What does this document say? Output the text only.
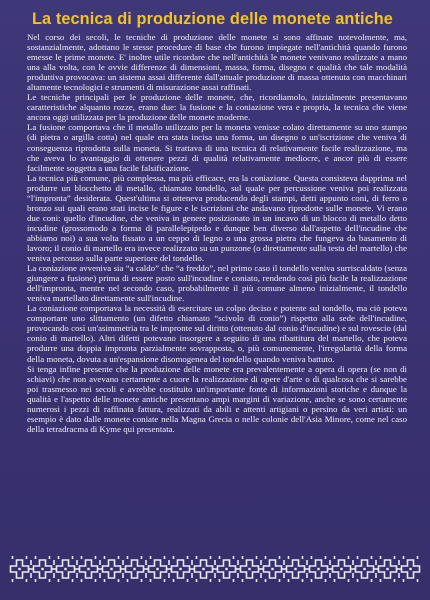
La tecnica di produzione delle monete antiche

Nel corso dei secoli, le tecniche di produzione delle monete si sono affinate notevolmente, ma, sostanzialmente, adottano le stesse procedure di base che furono impiegate nell'antichità quando furono emesse le prime monete. E' inoltre utile ricordare che nell'antichità le monete venivano realizzate a mano una alla volta, con le ovvie differenze di dimensioni, massa, forma, disegno e qualità che tale modalità produttiva provocava: un sistema assai differente dall'attuale produzione di massa ottenuta con macchinari altamente tecnologici e strumenti di misurazione assai raffinati.

Le tecniche principali per le produzione delle monete, che, ricordiamolo, inizialmente presentavano caratteristiche alquanto rozze, erano due: la fusione e la coniazione vera e propria, la tecnica che viene ancora oggi utilizzata per la produzione delle monete moderne.

La fusione comportava che il metallo utilizzato per la moneta venisse colato direttamente su uno stampo (di pietra o argilla cotta) nel quale era stata incisa una forma, un disegno o un'iscrizione che veniva di conseguenza riprodotta sulla moneta. Si trattava di una tecnica di relativamente facile realizzazione, ma che aveva lo svantaggio di ottenere pezzi di qualità relativamente mediocre, e ancor più di essere facilmente soggetta a una facile falsificazione.

La tecnica più comune, più complessa, ma più efficace, era la coniazione. Questa consisteva dapprima nel produrre un blocchetto di metallo, chiamato tondello, sul quale per percussione veniva poi realizzata “l'impronta” desiderata. Quest'ultima si otteneva producendo degli stampi, detti appunto coni, di ferro o bronzo sui quali erano stati incise le figure e le iscrizioni che andavano riprodotte sulle monete. Vi erano due coni: quello d'incudine, che veniva in genere posizionato in un incavo di un blocco di metallo detto incudine (grossomodo a forma di parallelepipedo e dunque ben diverso dall'aspetto dell'incudine che abbiamo noi) a sua volta fissato a un ceppo di legno o una grossa pietra che fungeva da basamento di lavoro; il conio di martello era invece realizzato su un punzone (o direttamente sulla testa del martello) che veniva percosso sulla parte superiore del tondello.

La coniazione avveniva sia “a caldo” che “a freddo”, nel primo caso il tondello veniva surriscaldato (senza giungere a fusione) prima di essere posto sull'incudine e coniato, rendendo così più facile la realizzazione dell'impronta, mentre nel secondo caso, probabilmente il più comune almeno inizialmente, il tondello veniva martellato direttamente sull'incudine.

La coniazione comportava la necessità di esercitare un colpo deciso e potente sul tondello, ma ciò poteva comportare uno slittamento (un difetto chiamato “scivolo di conio”) rispetto alla sede dell'incudine, provocando così un'asimmetria tra le impronte sul diritto (ottenuto dal conio d'incudine) e sul rovescio (dal conio di martello). Altri difetti potevano insorgere a seguito di una ribattitura del martello, che poteva produrre una doppia impronta parzialmente sovrapposta, o, più comunemente, l'irregolarità della forma della moneta, dovuta a un'espansione disomogenea del tondello quando veniva battuto.

Si tenga infine presente che la produzione delle monete era prevalentemente a opera di opera (se non di schiavi) che non avevano certamente a cuore la realizzazione di opere d'arte o di qualcosa che si sarebbe poi trasmesso nei secoli e avrebbe costituito un'importante fonte di informazioni storiche e dunque la qualità e l'aspetto delle monete antiche presentano ampi margini di variazione, anche se sono certamente numerosi i pezzi di raffinata fattura, realizzati da abili e attenti artigiani o persino da veri artisti: un esempio è dato dalle monete coniate nella Magna Grecia o nelle colonie dell'Asia Minore, come nel caso della tetradracma di Kyme qui presentata.
